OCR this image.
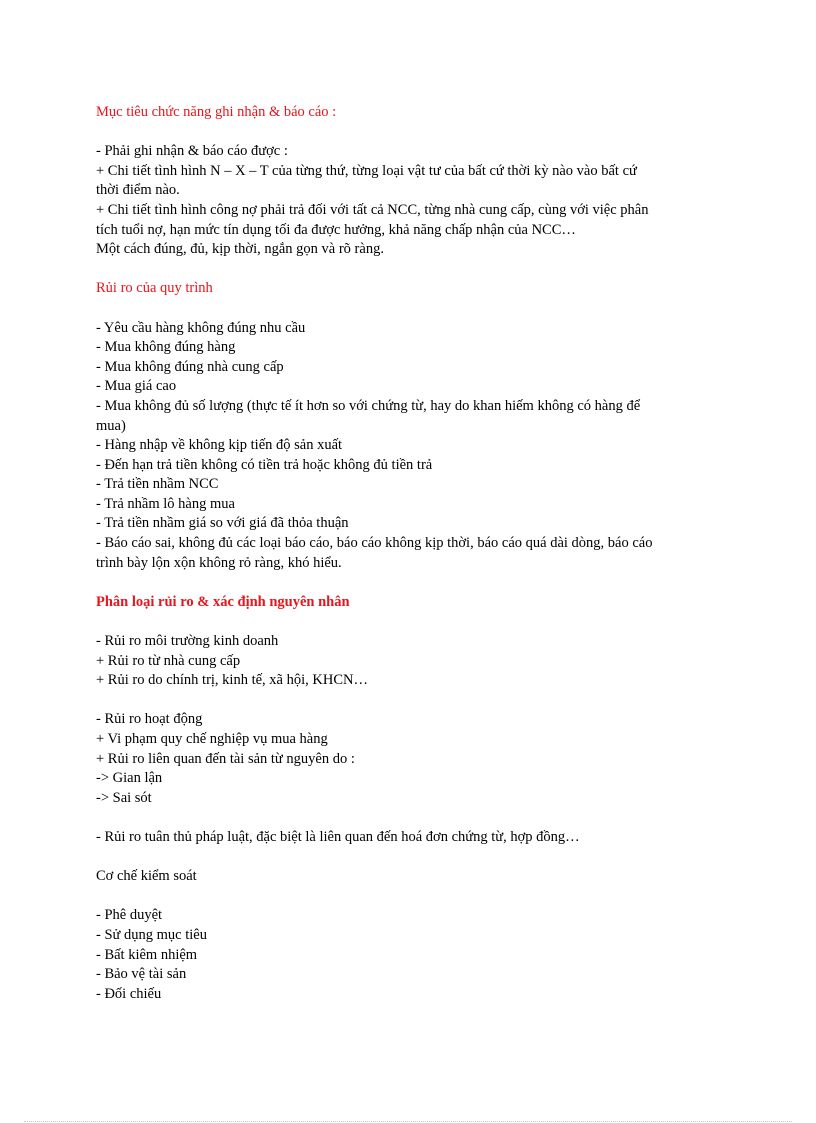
Mục tiêu chức năng ghi nhận & báo cáo :
- Phải ghi nhận & báo cáo được :
+ Chi tiết tình hình N – X – T của từng thứ, từng loại vật tư của bất cứ thời kỳ nào vào bất cứ
thời điểm nào.
+ Chi tiết tình hình công nợ phải trả đối với tất cả NCC, từng nhà cung cấp, cùng với việc phân
tích tuổi nợ, hạn mức tín dụng tối đa được hưởng, khả năng chấp nhận của NCC…
Một cách đúng, đủ, kịp thời, ngắn gọn và rõ ràng.
Rủi ro của quy trình
- Yêu cầu hàng không đúng nhu cầu
- Mua không đúng hàng
- Mua không đúng nhà cung cấp
- Mua giá cao
- Mua không đủ số lượng (thực tế ít hơn so với chứng từ, hay do khan hiếm không có hàng để
mua)
- Hàng nhập về không kịp tiến độ sản xuất
- Đến hạn trả tiền không có tiền trả hoặc không đủ tiền trả
- Trả tiền nhầm NCC
- Trả nhầm lô hàng mua
- Trả tiền nhầm giá so với giá đã thỏa thuận
- Báo cáo sai, không đủ các loại báo cáo, báo cáo không kịp thời, báo cáo quá dài dòng, báo cáo
trình bày lộn xộn không rỏ ràng, khó hiểu.
Phân loại rủi ro & xác định nguyên nhân
- Rủi ro môi trường kinh doanh
+ Rủi ro từ nhà cung cấp
+ Rủi ro do chính trị, kinh tế, xã hội, KHCN…
- Rủi ro hoạt động
+ Vi phạm quy chế nghiệp vụ mua hàng
+ Rủi ro liên quan đến tài sản từ nguyên do :
-> Gian lận
-> Sai sót
- Rủi ro tuân thủ pháp luật, đặc biệt là liên quan đến hoá đơn chứng từ, hợp đồng…
Cơ chế kiểm soát
- Phê duyệt
- Sử dụng mục tiêu
- Bất kiêm nhiệm
- Bảo vệ tài sản
- Đối chiếu
